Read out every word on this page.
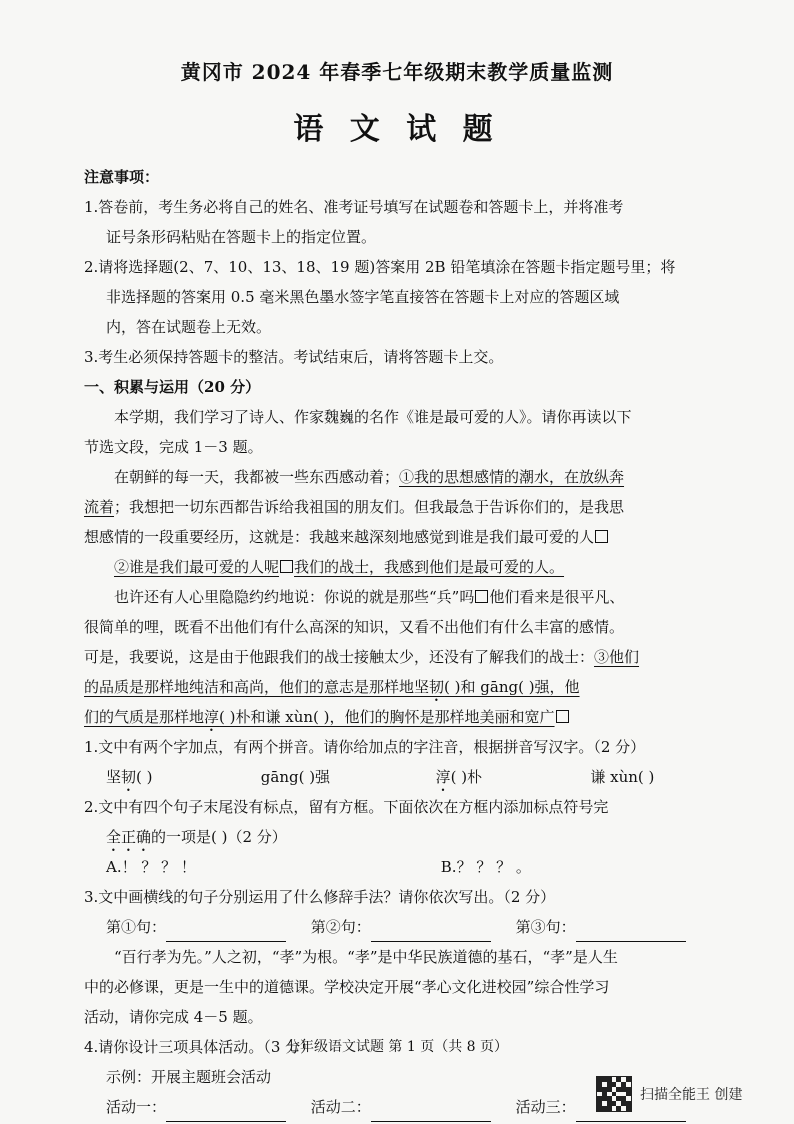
黄冈市 2024 年春季七年级期末教学质量监测
语 文 试 题
注意事项：
1.答卷前，考生务必将自己的姓名、准考证号填写在试题卷和答题卡上，并将准考
证号条形码粘贴在答题卡上的指定位置。
2.请将选择题(2、7、10、13、18、19 题)答案用 2B 铅笔填涂在答题卡指定题号里；将
非选择题的答案用 0.5 毫米黑色墨水签字笔直接答在答题卡上对应的答题区域
内，答在试题卷上无效。
3.考生必须保持答题卡的整洁。考试结束后，请将答题卡上交。
一、积累与运用（20 分）
本学期，我们学习了诗人、作家魏巍的名作《谁是最可爱的人》。请你再读以下
节选文段，完成 1－3 题。
在朝鲜的每一天，我都被一些东西感动着；①我的思想感情的潮水，在放纵奔
流着；我想把一切东西都告诉给我祖国的朋友们。但我最急于告诉你们的，是我思
想感情的一段重要经历，这就是：我越来越深刻地感觉到谁是我们最可爱的人
②谁是我们最可爱的人呢 我们的战士，我感到他们是最可爱的人。
也许还有人心里隐隐约约地说：你说的就是那些“兵”吗 他们看来是很平凡、
很简单的哩，既看不出他们有什么高深的知识，又看不出他们有什么丰富的感情。
可是，我要说，这是由于他跟我们的战士接触太少，还没有了解我们的战士：③他们
的品质是那样地纯洁和高尚，他们的意志是那样地坚韧( )和 gāng( )强，他
们的气质是那样地淳( )朴和谦 xùn( )，他们的胸怀是那样地美丽和宽广
1.文中有两个字加点，有两个拼音。请你给加点的字注音，根据拼音写汉字。（2 分）
坚韧( )	gāng( )强	淳( )朴	谦 xùn( )
2.文中有四个句子末尾没有标点，留有方框。下面依次在方框内添加标点符号完
全正确的一项是( )（2 分）
A.！ ？ ？ ！	B.？ ？ ？ 。
3.文中画横线的句子分别运用了什么修辞手法？请你依次写出。（2 分）
第①句：	第②句：	第③句：
“百行孝为先。”人之初，“孝”为根。“孝”是中华民族道德的基石，“孝”是人生
中的必修课，更是一生中的道德课。学校决定开展“孝心文化进校园”综合性学习
活动，请你完成 4－5 题。
4.请你设计三项具体活动。（3 分）
示例：开展主题班会活动
活动一：	活动二：	活动三：
七年级语文试题 第 1 页（共 8 页）
扫描全能王 创建
